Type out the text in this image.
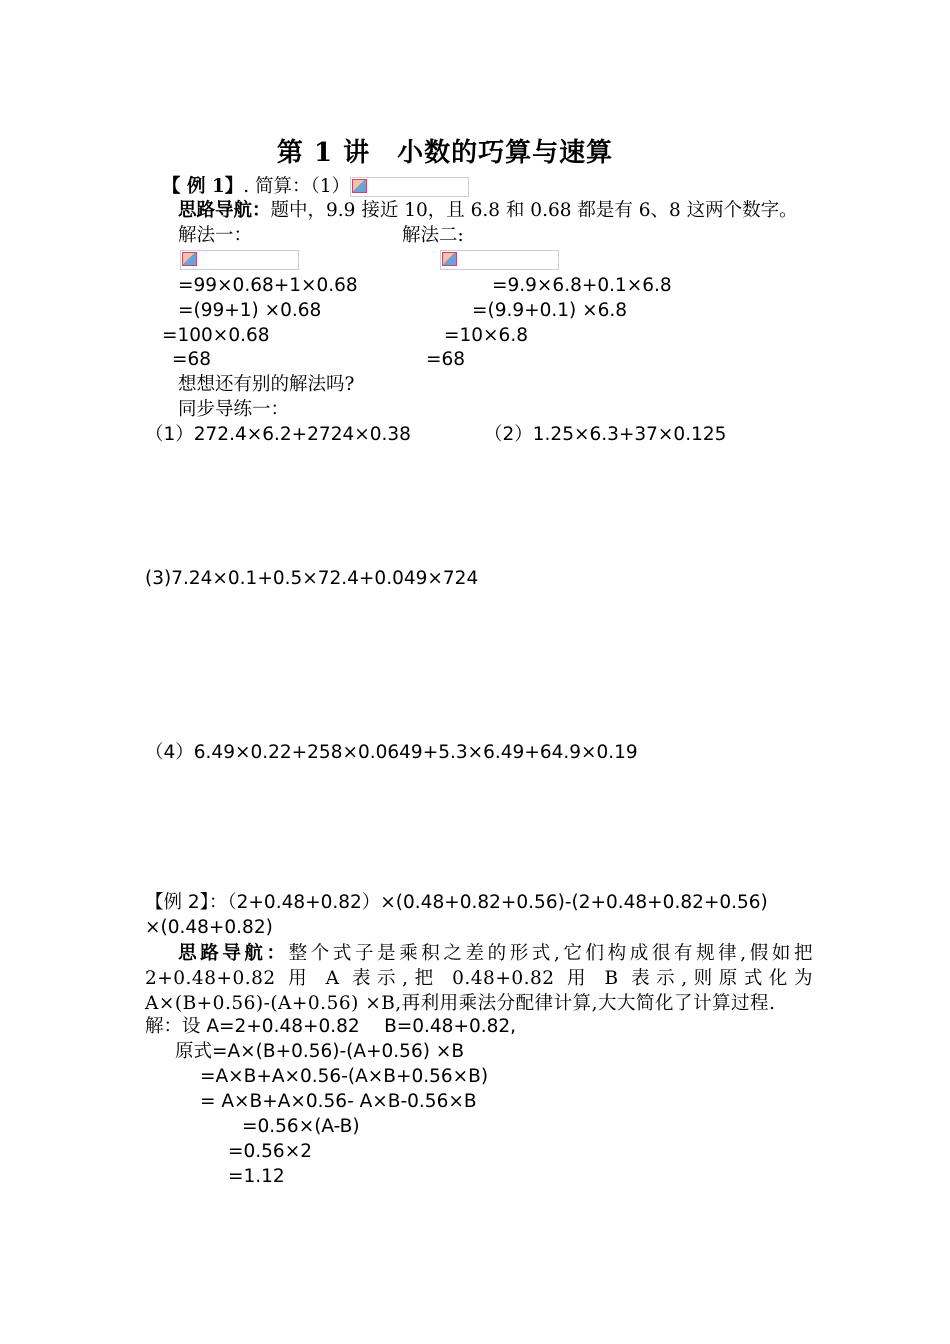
第 1 讲　小数的巧算与速算
【 例 1】. 简算：（1）
思路导航：题中，9.9 接近 10，且 6.8 和 0.68 都是有 6、8 这两个数字。
解法一：	解法二:
=99×0.68+1×0.68	=9.9×6.8+0.1×6.8
=(99+1) ×0.68	=(9.9+0.1) ×6.8
=100×0.68	=10×6.8
=68	=68
想想还有别的解法吗?
同步导练一：
（1）272.4×6.2+2724×0.38	（2）1.25×6.3+37×0.125
(3)7.24×0.1+0.5×72.4+0.049×724
（4）6.49×0.22+258×0.0649+5.3×6.49+64.9×0.19
【例 2】：（2+0.48+0.82）×(0.48+0.82+0.56)-(2+0.48+0.82+0.56)
×(0.48+0.82)
思路导航：整个式子是乘积之差的形式,它们构成很有规律,假如把 2+0.48+0.82 用 A 表示,把 0.48+0.82 用 B 表示,则原式化为 A×(B+0.56)-(A+0.56) ×B,再利用乘法分配律计算,大大简化了计算过程.
解：设 A=2+0.48+0.82　 B=0.48+0.82,
原式=A×(B+0.56)-(A+0.56) ×B
=A×B+A×0.56-(A×B+0.56×B)
= A×B+A×0.56- A×B-0.56×B
=0.56×(A-B)
=0.56×2
=1.12
